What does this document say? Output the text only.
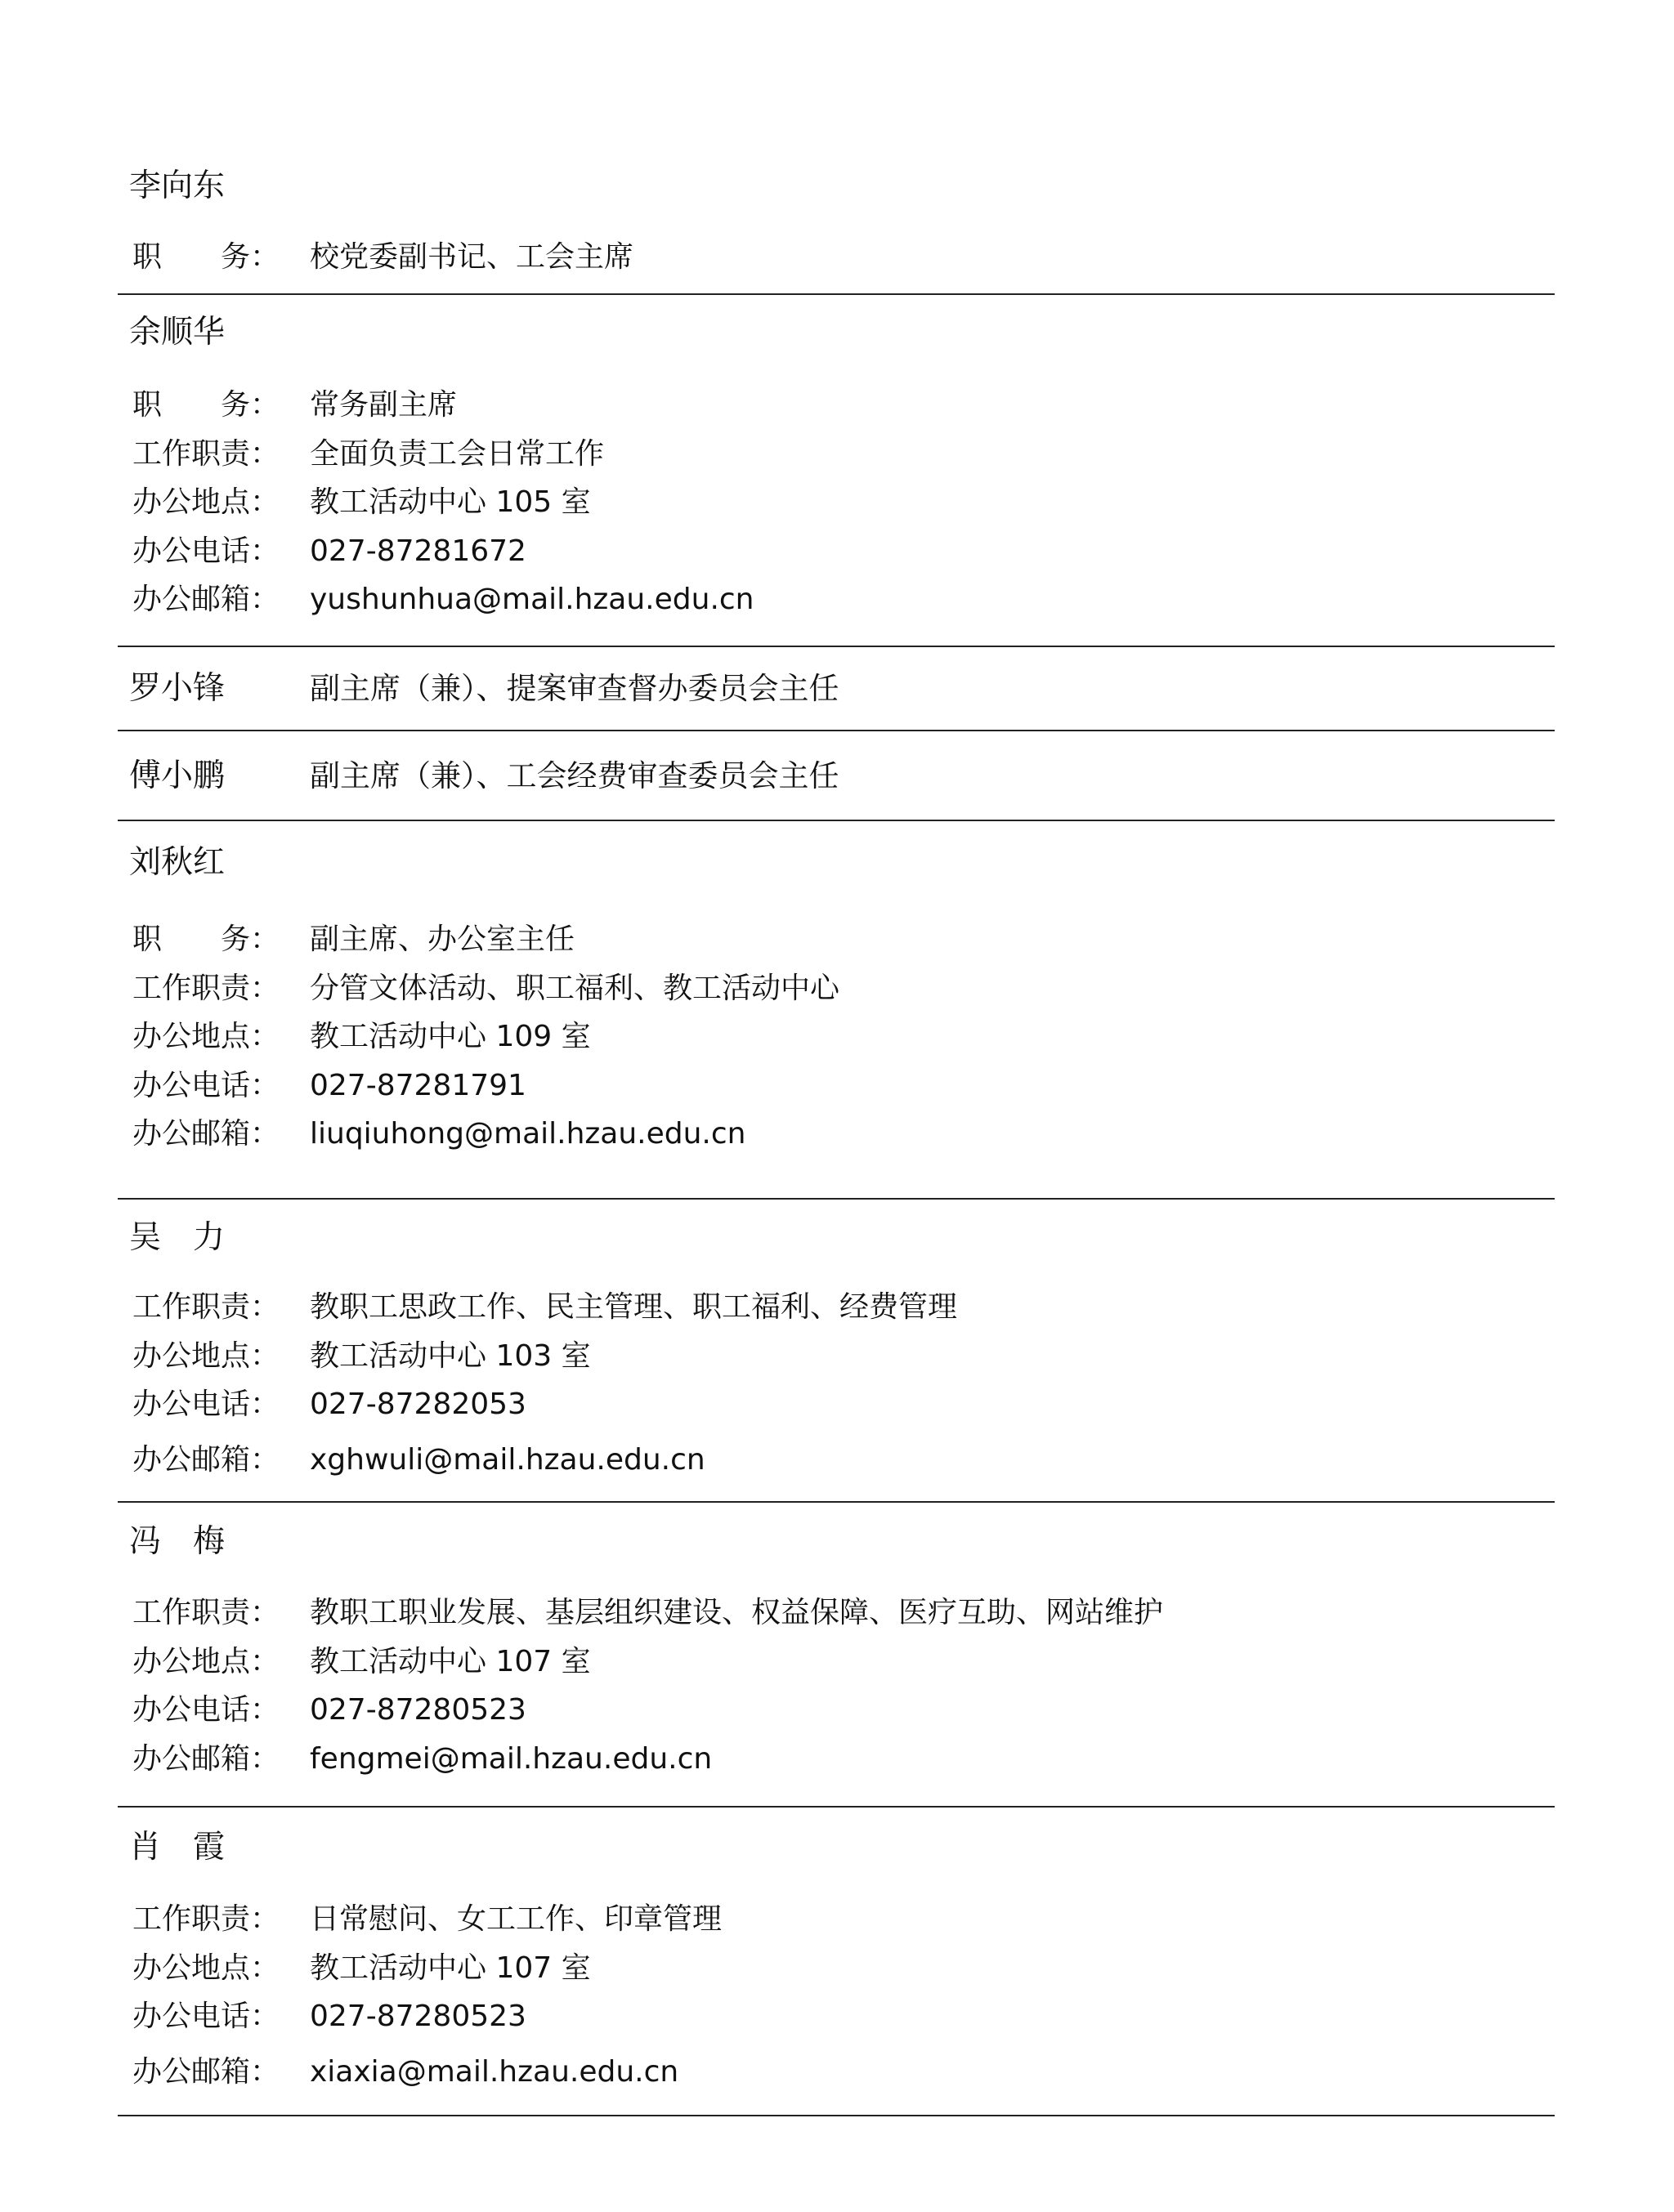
李向东
职　　务： 校党委副书记、工会主席
余顺华
职　　务： 常务副主席
工作职责： 全面负责工会日常工作
办公地点： 教工活动中心 105 室
办公电话： 027-87281672
办公邮箱： yushunhua@mail.hzau.edu.cn
罗小锋	副主席（兼）、提案审查督办委员会主任
傅小鹏	副主席（兼）、工会经费审查委员会主任
刘秋红
职　　务： 副主席、办公室主任
工作职责： 分管文体活动、职工福利、教工活动中心
办公地点： 教工活动中心 109 室
办公电话： 027-87281791
办公邮箱： liuqiuhong@mail.hzau.edu.cn
吴　力
工作职责： 教职工思政工作、民主管理、职工福利、经费管理
办公地点： 教工活动中心 103 室
办公电话： 027-87282053
办公邮箱： xghwuli@mail.hzau.edu.cn
冯　梅
工作职责： 教职工职业发展、基层组织建设、权益保障、医疗互助、网站维护
办公地点： 教工活动中心 107 室
办公电话： 027-87280523
办公邮箱： fengmei@mail.hzau.edu.cn
肖　霞
工作职责： 日常慰问、女工工作、印章管理
办公地点： 教工活动中心 107 室
办公电话： 027-87280523
办公邮箱： xiaxia@mail.hzau.edu.cn
